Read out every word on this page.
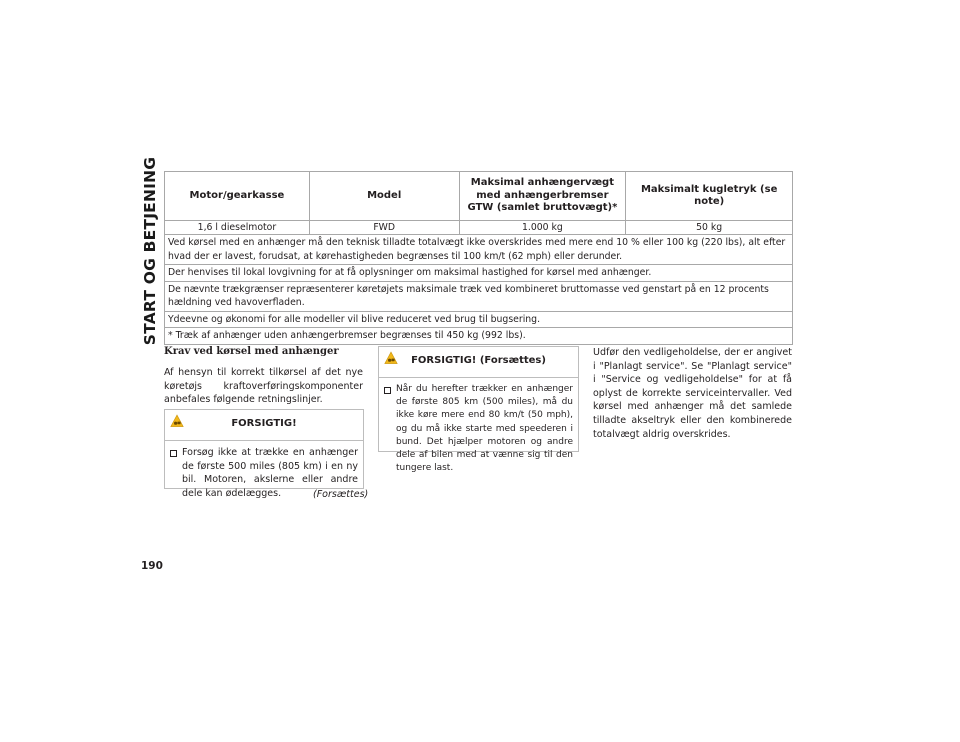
START OG BETJENING	Motor/gearkasse	Model	Maksimal anhængervægt med anhængerbremser GTW (samlet bruttovægt)*	Maksimalt kugletryk (se note)
1,6 l dieselmotor	FWD	1.000 kg	50 kg
Ved kørsel med en anhænger må den teknisk tilladte totalvægt ikke overskrides med mere end 10 % eller 100 kg (220 lbs), alt efter hvad der er lavest, forudsat, at kørehastigheden begrænses til 100 km/t (62 mph) eller derunder.			
Der henvises til lokal lovgivning for at få oplysninger om maksimal hastighed for kørsel med anhænger.			
De nævnte trækgrænser repræsenterer køretøjets maksimale træk ved kombineret bruttomasse ved genstart på en 12 procents hældning ved havoverfladen.			
Ydeevne og økonomi for alle modeller vil blive reduceret ved brug til bugsering.			
* Træk af anhænger uden anhængerbremser begrænses til 450 kg (992 lbs).			
Krav ved kørsel med anhænger
Af hensyn til korrekt tilkørsel af det nye køretøjs kraftoverføringskomponenter anbefales følgende retningslinjer.
FORSIGTIG!
Forsøg ikke at trække en anhænger de første 500 miles (805 km) i en ny bil. Motoren, akslerne eller andre dele kan ødelægges.	(Forsættes)
FORSIGTIG! (Forsættes)
Når du herefter trækker en anhænger de første 805 km (500 miles), må du ikke køre mere end 80 km/t (50 mph), og du må ikke starte med speederen i bund. Det hjælper motoren og andre dele af bilen med at vænne sig til den tungere last.
Udfør den vedligeholdelse, der er angivet i "Planlagt service". Se "Planlagt service" i "Service og vedligeholdelse" for at få oplyst de korrekte serviceintervaller. Ved kørsel med anhænger må det samlede tilladte akseltryk eller den kombinerede totalvægt aldrig overskrides.
190
